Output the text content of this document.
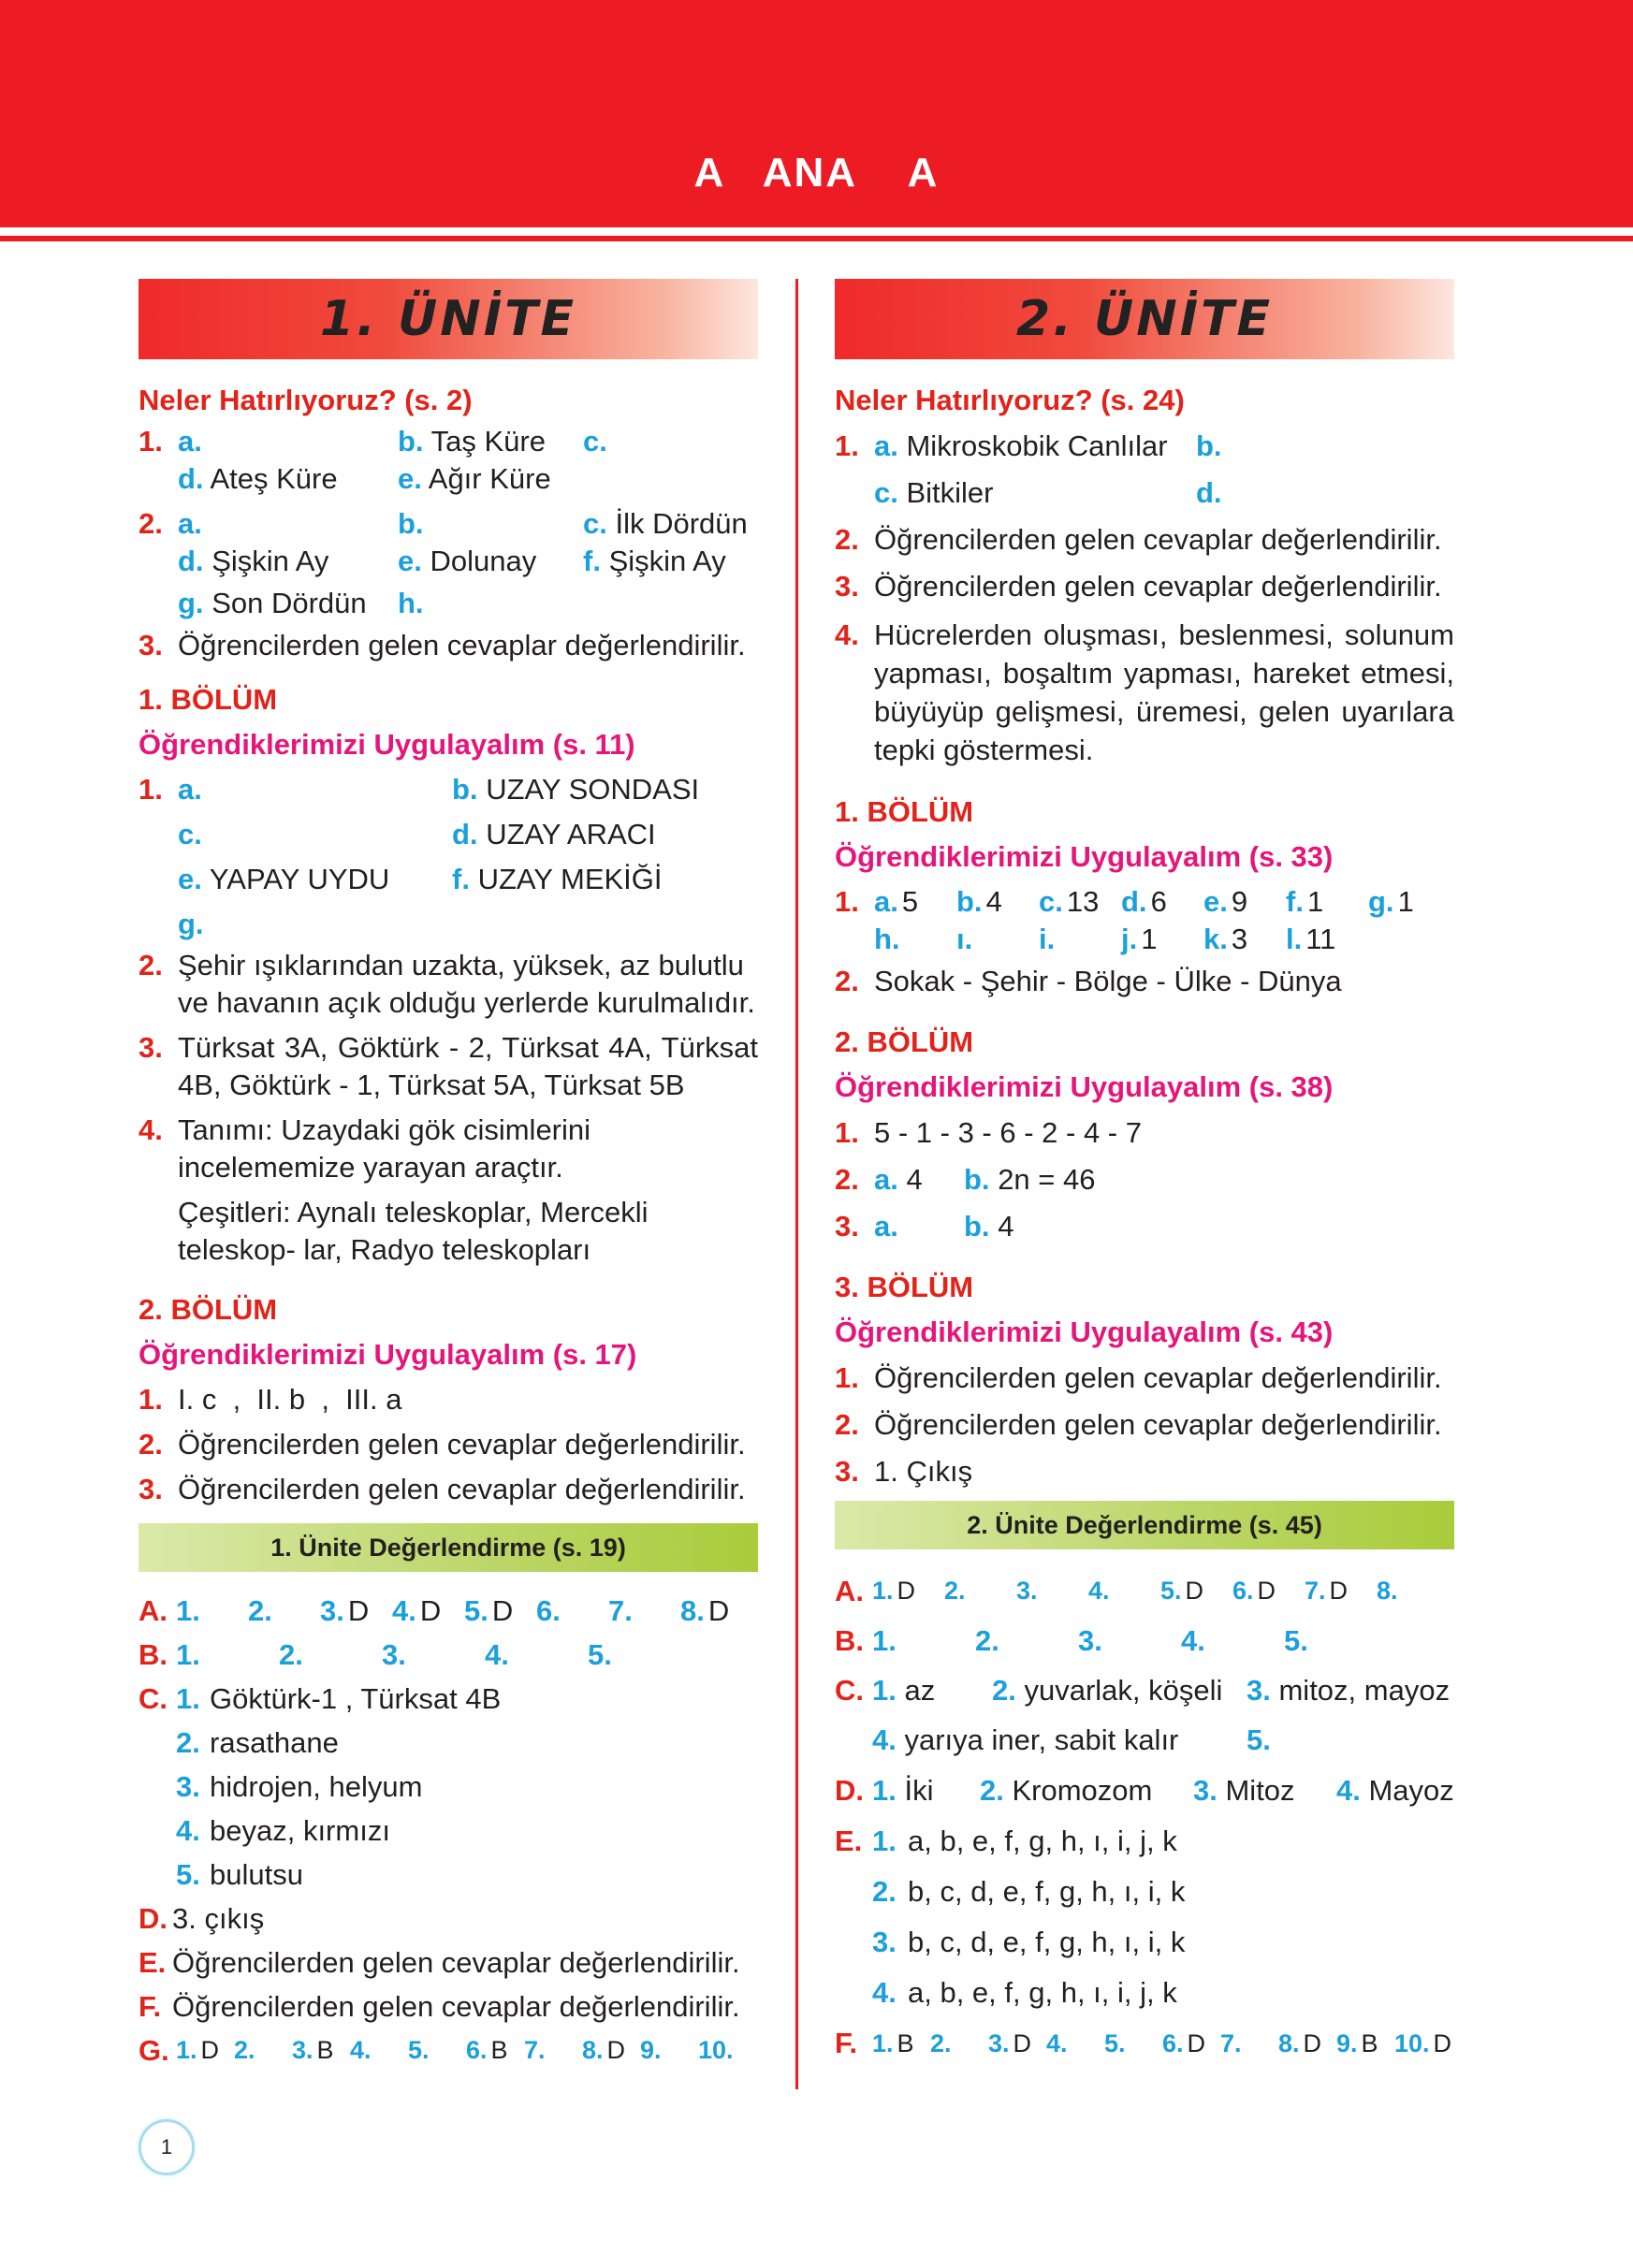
A   ANA    A
1. ÜNİTE
Neler Hatırlıyoruz? (s. 2)
1. a.	b. Taş Küre	c.
d. Ateş Küre	e. Ağır Küre
2. a.	b.	c. İlk Dördün
d. Şişkin Ay	e. Dolunay	f. Şişkin Ay
g. Son Dördün	h.
3. Öğrencilerden gelen cevaplar değerlendirilir.
1. BÖLÜM
Öğrendiklerimizi Uygulayalım (s. 11)
1. a.	b. UZAY SONDASI
c.	d. UZAY ARACI
e. YAPAY UYDU	f. UZAY MEKİĞİ
g.
2. Şehir ışıklarından uzakta, yüksek, az bulutlu ve havanın açık olduğu yerlerde kurulmalıdır.
3. Türksat 3A, Göktürk - 2, Türksat 4A, Türksat 4B, Göktürk - 1, Türksat 5A, Türksat 5B
4. Tanımı: Uzaydaki gök cisimlerini incelememize yarayan araçtır.
Çeşitleri: Aynalı teleskoplar, Mercekli teleskop- lar, Radyo teleskopları
2. BÖLÜM
Öğrendiklerimizi Uygulayalım (s. 17)
1. I. c  ,  II. b  ,  III. a
2. Öğrencilerden gelen cevaplar değerlendirilir.
3. Öğrencilerden gelen cevaplar değerlendirilir.
1. Ünite Değerlendirme (s. 19)
A. 1. 2. 3. D 4. D 5. D 6. 7. 8. D
B. 1.	2.	3.	4.	5.
C. 1. Göktürk-1 , Türksat 4B
2. rasathane
3. hidrojen, helyum
4. beyaz, kırmızı
5. bulutsu
D. 3. çıkış
E. Öğrencilerden gelen cevaplar değerlendirilir.
F. Öğrencilerden gelen cevaplar değerlendirilir.
G. 1. D 2. 3. B 4. 5. 6. B 7. 8. D 9. 10.
2. ÜNİTE
Neler Hatırlıyoruz? (s. 24)
1. a. Mikroskobik Canlılar b.
c. Bitkiler	d.
2. Öğrencilerden gelen cevaplar değerlendirilir.
3. Öğrencilerden gelen cevaplar değerlendirilir.
4. Hücrelerden oluşması, beslenmesi, solunum yapması, boşaltım yapması, hareket etmesi, büyüyüp gelişmesi, üremesi, gelen uyarılara tepki göstermesi.
1. BÖLÜM
Öğrendiklerimizi Uygulayalım (s. 33)
1. a. 5 b. 4 c. 13 d. 6 e. 9 f. 1 g. 1
h. ı. i. j. 1 k. 3 l. 11
2. Sokak - Şehir - Bölge - Ülke - Dünya
2. BÖLÜM
Öğrendiklerimizi Uygulayalım (s. 38)
1. 5 - 1 - 3 - 6 - 2 - 4 - 7
2. a. 4	b. 2n = 46
3. a.	b. 4
3. BÖLÜM
Öğrendiklerimizi Uygulayalım (s. 43)
1. Öğrencilerden gelen cevaplar değerlendirilir.
2. Öğrencilerden gelen cevaplar değerlendirilir.
3. 1. Çıkış
2. Ünite Değerlendirme (s. 45)
A. 1. D 2. 3. 4. 5. D 6. D 7. D 8.
B. 1.	2.	3.	4.	5.
C. 1. az	2. yuvarlak, köşeli 3. mitoz, mayoz
4. yarıya iner, sabit kalır	5.
D. 1. İki	2. Kromozom	3. Mitoz	4. Mayoz
E. 1. a, b, e, f, g, h, ı, i, j, k
2. b, c, d, e, f, g, h, ı, i, k
3. b, c, d, e, f, g, h, ı, i, k
4. a, b, e, f, g, h, ı, i, j, k
F. 1. B 2. 3. D 4. 5. 6. D 7. 8. D 9. B 10. D
1
